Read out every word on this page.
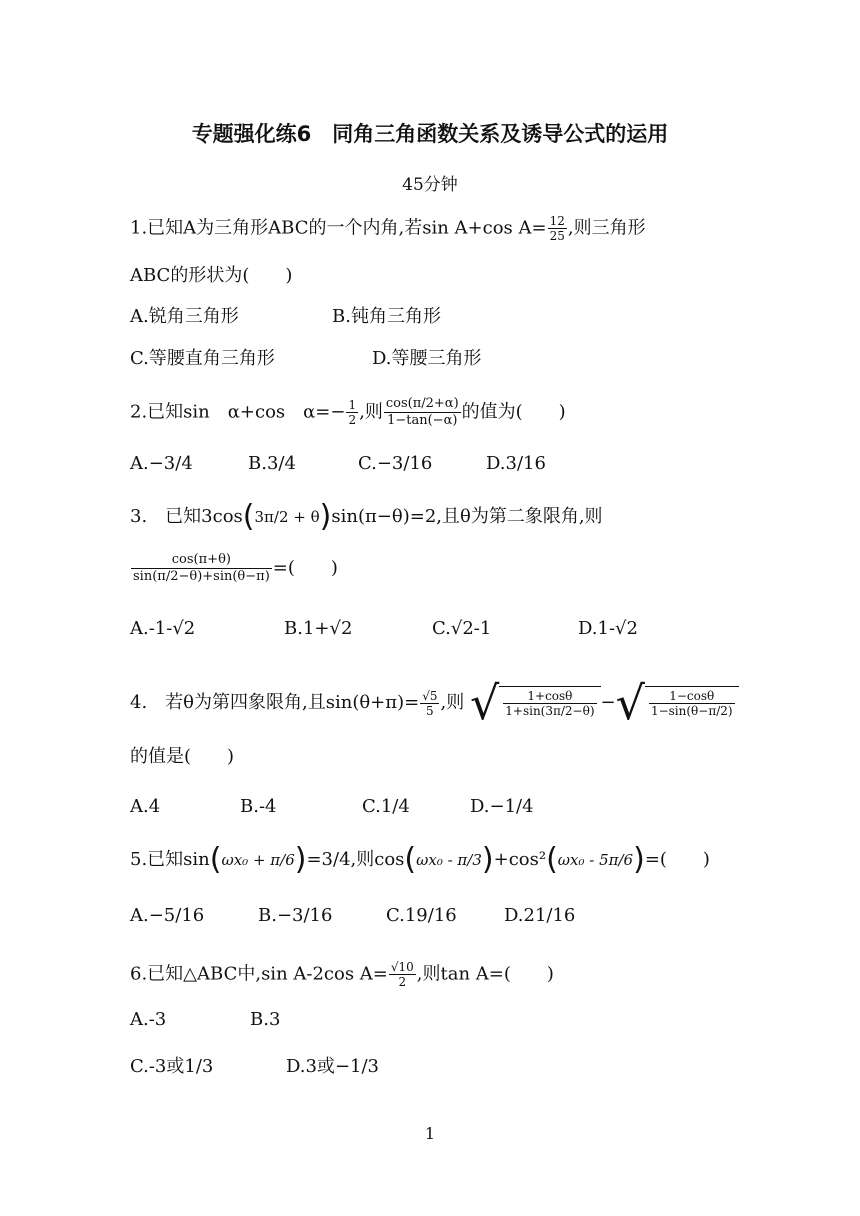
专题强化练6　同角三角函数关系及诱导公式的运用
45分钟
1.已知A为三角形ABC的一个内角,若sin A+cos $A= \frac{12}{25}$ ,则三角形
ABC的形状为(　　)
A.锐角三角形	B.钝角三角形
C.等腰直角三角形	D.等腰三角形
2.已知sin　α+cos　$\alpha=- \frac{1}{2}$ ,则 $\frac{\cos(\pi/2+\alpha)}{1-\tan(-\alpha)}$ 的值为(　　)
A.−3/4	B.3/4	C.−3/16	D.3/16
3.　已知3cos(3π/2 + θ)sin(π−θ)=2,且θ为第二象限角,则
$\frac{\cos(\pi+\theta)}{\sin(\pi/2-\theta)+\sin(\theta-\pi)}$ =(　　)
A.-1-√2	B.1+√2	C.√2-1	D.1-√2
4.　若θ为第四象限角,且$\sin(\theta+\pi)= \frac{√5}{5}$ ,则 √ $\frac{1+\cos\theta}{1+\sin(3\pi/2-\theta)}$ −√ $\frac{1-\cos\theta}{1-\sin(\theta-\pi/2)}$
的值是(　　)
A.4	B.-4	C.1/4	D.−1/4
5.已知sin(ωx₀ + π/6)=3/4,则cos(ωx₀ - π/3)+cos²(ωx₀ - 5π/6)=(　　)
A.−5/16	B.−3/16	C.19/16	D.21/16
6.已知△ABC中,sin A-2cos $A= \frac{√10}{2}$ ,则tan A=(　　)
A.-3	B.3
C.-3或1/3	D.3或−1/3
1
